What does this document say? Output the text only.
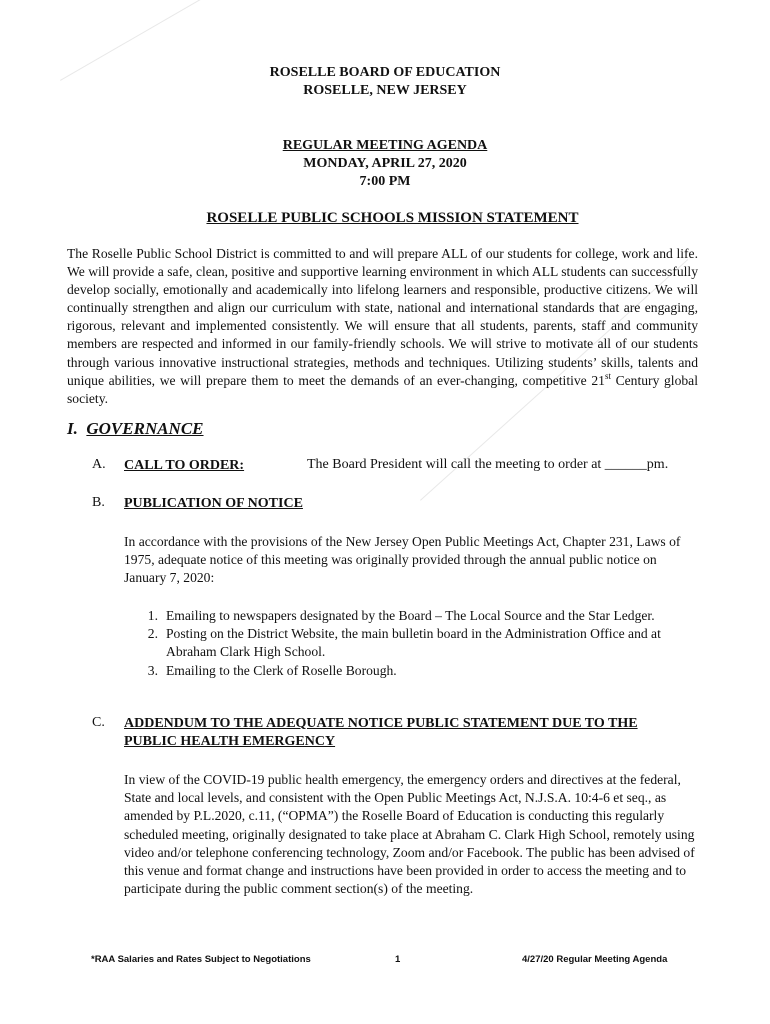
ROSELLE BOARD OF EDUCATION
ROSELLE, NEW JERSEY
REGULAR MEETING AGENDA
MONDAY, APRIL 27, 2020
7:00 PM
ROSELLE PUBLIC SCHOOLS MISSION STATEMENT
The Roselle Public School District is committed to and will prepare ALL of our students for college, work and life. We will provide a safe, clean, positive and supportive learning environment in which ALL students can successfully develop socially, emotionally and academically into lifelong learners and responsible, productive citizens. We will continually strengthen and align our curriculum with state, national and international standards that are engaging, rigorous, relevant and implemented consistently. We will ensure that all students, parents, staff and community members are respected and informed in our family-friendly schools. We will strive to motivate all of our students through various innovative instructional strategies, methods and techniques. Utilizing students’ skills, talents and unique abilities, we will prepare them to meet the demands of an ever-changing, competitive 21st Century global society.
I. GOVERNANCE
A. CALL TO ORDER:	The Board President will call the meeting to order at ______pm.
B. PUBLICATION OF NOTICE
In accordance with the provisions of the New Jersey Open Public Meetings Act, Chapter 231, Laws of 1975, adequate notice of this meeting was originally provided through the annual public notice on January 7, 2020:
1. Emailing to newspapers designated by the Board – The Local Source and the Star Ledger.
2. Posting on the District Website, the main bulletin board in the Administration Office and at Abraham Clark High School.
3. Emailing to the Clerk of Roselle Borough.
C. ADDENDUM TO THE ADEQUATE NOTICE PUBLIC STATEMENT DUE TO THE
PUBLIC HEALTH EMERGENCY
In view of the COVID-19 public health emergency, the emergency orders and directives at the federal, State and local levels, and consistent with the Open Public Meetings Act, N.J.S.A. 10:4-6 et seq., as amended by P.L.2020, c.11, (“OPMA”) the Roselle Board of Education is conducting this regularly scheduled meeting, originally designated to take place at Abraham C. Clark High School, remotely using video and/or telephone conferencing technology, Zoom and/or Facebook. The public has been advised of this venue and format change and instructions have been provided in order to access the meeting and to participate during the public comment section(s) of the meeting.
*RAA Salaries and Rates Subject to Negotiations	1	4/27/20 Regular Meeting Agenda
